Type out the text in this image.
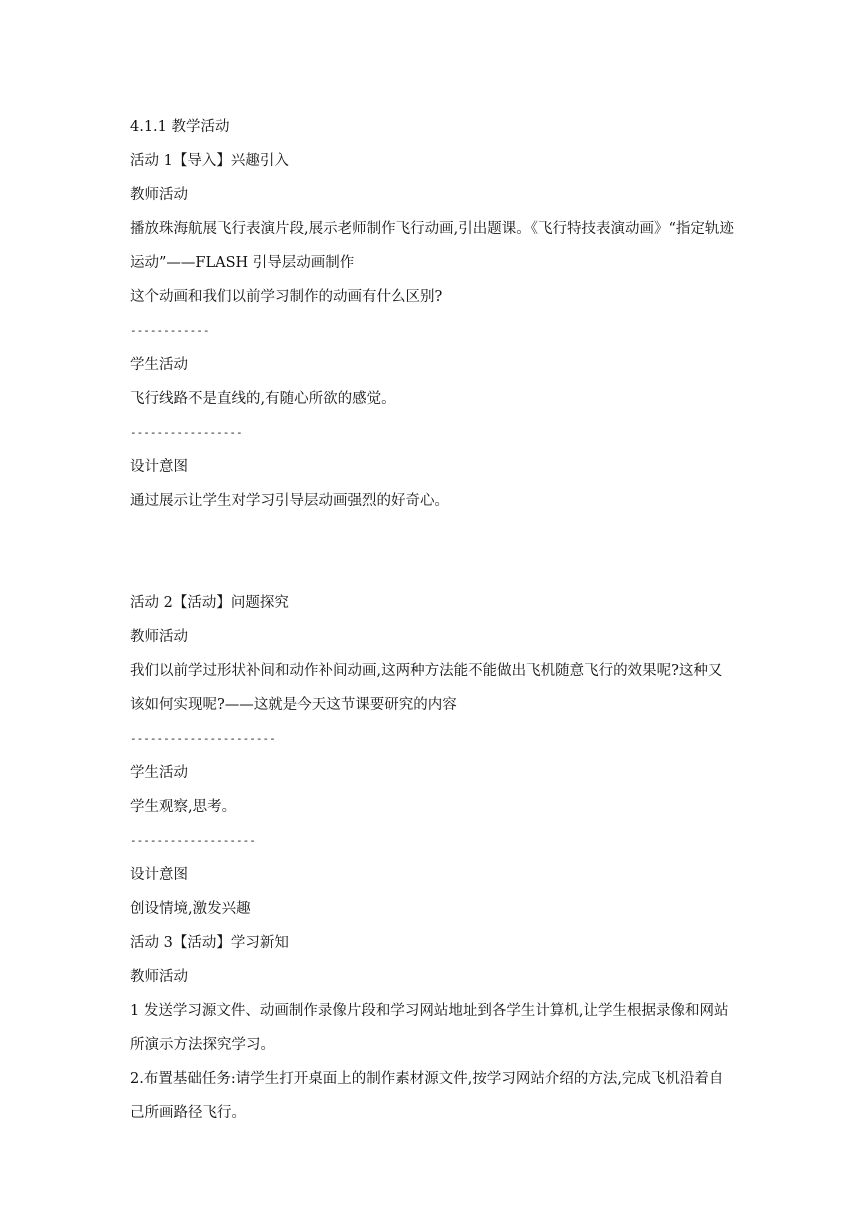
4.1.1 教学活动
活动 1【导入】兴趣引入
教师活动
播放珠海航展飞行表演片段,展示老师制作飞行动画,引出题课。《飞行特技表演动画》“指定轨迹运动”——FLASH 引导层动画制作
这个动画和我们以前学习制作的动画有什么区别?
------------
学生活动
飞行线路不是直线的,有随心所欲的感觉。
-----------------
设计意图
通过展示让学生对学习引导层动画强烈的好奇心。
活动 2【活动】问题探究
教师活动
我们以前学过形状补间和动作补间动画,这两种方法能不能做出飞机随意飞行的效果呢?这种又该如何实现呢?——这就是今天这节课要研究的内容
----------------------
学生活动
学生观察,思考。
-------------------
设计意图
创设情境,激发兴趣
活动 3【活动】学习新知
教师活动
1 发送学习源文件、动画制作录像片段和学习网站地址到各学生计算机,让学生根据录像和网站所演示方法探究学习。
2.布置基础任务:请学生打开桌面上的制作素材源文件,按学习网站介绍的方法,完成飞机沿着自己所画路径飞行。
